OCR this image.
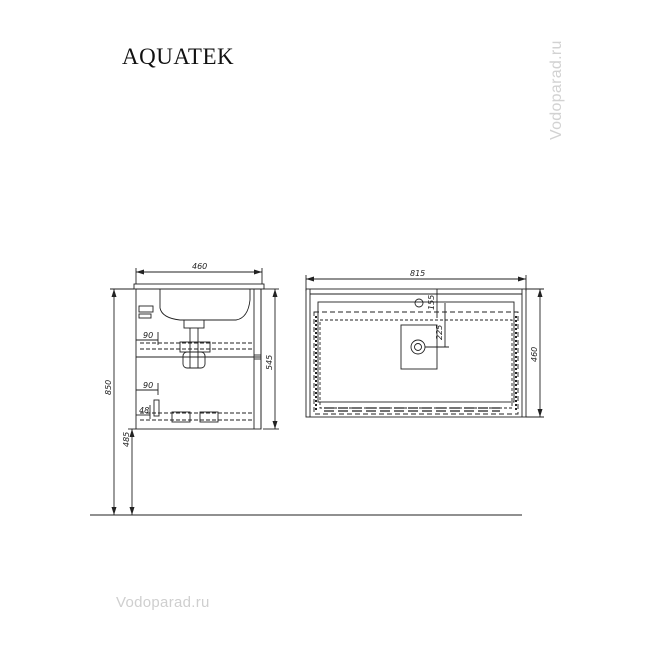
AQUATEK	Vodoparad.ru
Vodoparad.ru
460
90
90
48
850
485
545
815
460
155
225
